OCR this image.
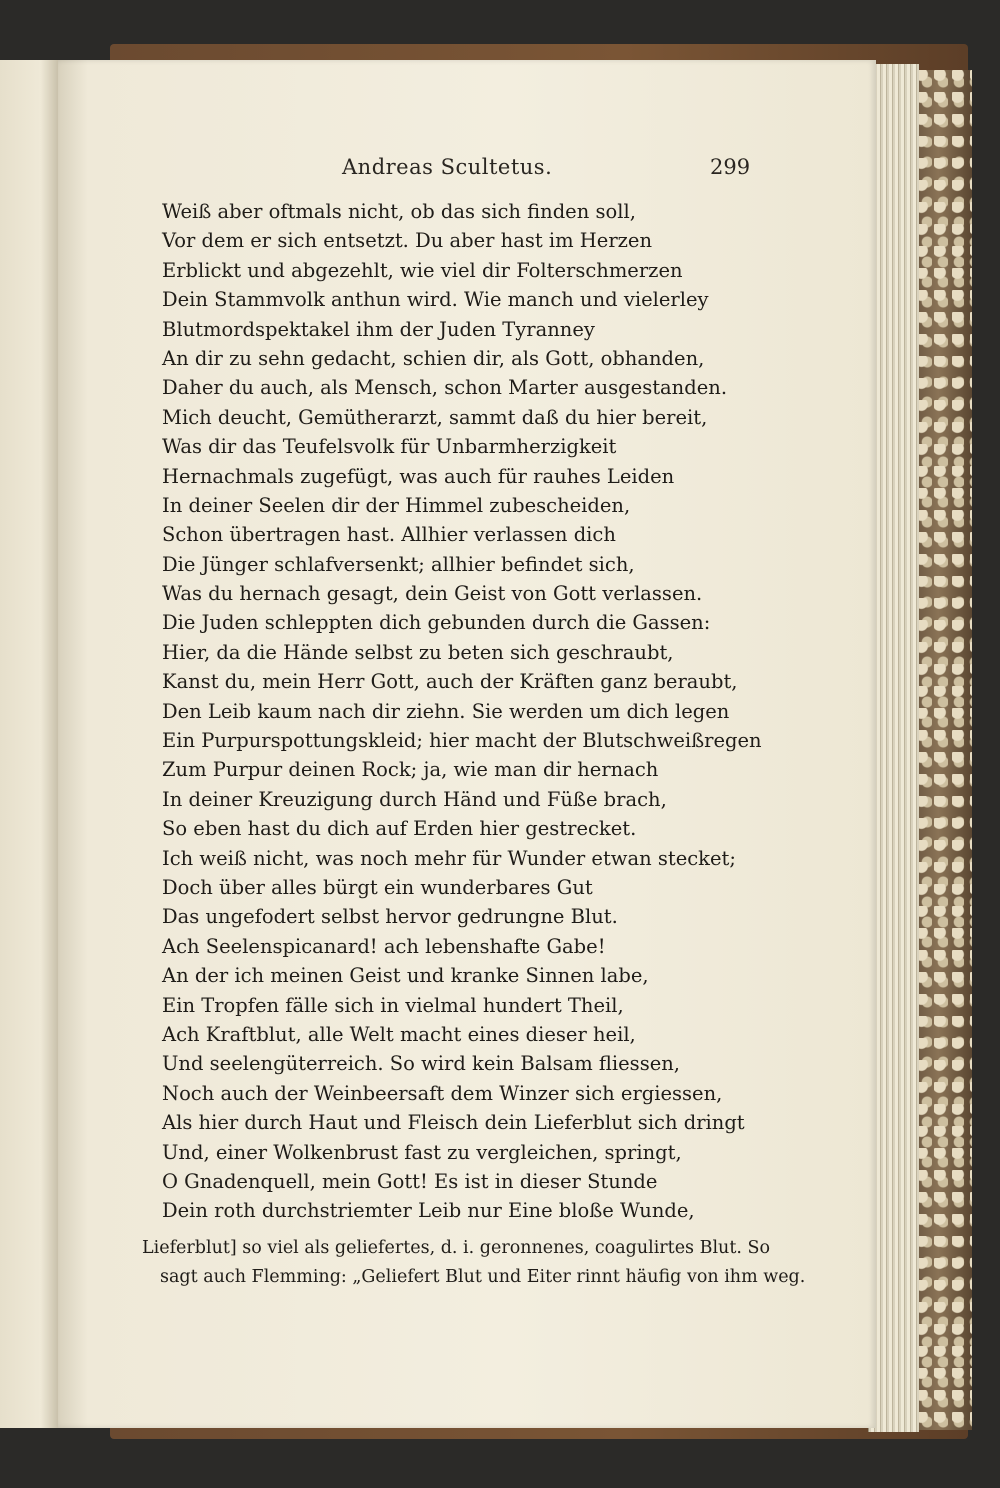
Andreas Scultetus.	299
Weiß aber oftmals nicht, ob das sich finden soll,
Vor dem er sich entsetzt. Du aber hast im Herzen
Erblickt und abgezehlt, wie viel dir Folterschmerzen
Dein Stammvolk anthun wird. Wie manch und vielerley
Blutmordspektakel ihm der Juden Tyranney
An dir zu sehn gedacht, schien dir, als Gott, obhanden,
Daher du auch, als Mensch, schon Marter ausgestanden.
Mich deucht, Gemütherarzt, sammt daß du hier bereit,
Was dir das Teufelsvolk für Unbarmherzigkeit
Hernachmals zugefügt, was auch für rauhes Leiden
In deiner Seelen dir der Himmel zubescheiden,
Schon übertragen hast. Allhier verlassen dich
Die Jünger schlafversenkt; allhier befindet sich,
Was du hernach gesagt, dein Geist von Gott verlassen.
Die Juden schleppten dich gebunden durch die Gassen:
Hier, da die Hände selbst zu beten sich geschraubt,
Kanst du, mein Herr Gott, auch der Kräften ganz beraubt,
Den Leib kaum nach dir ziehn. Sie werden um dich legen
Ein Purpurspottungskleid; hier macht der Blutschweißregen
Zum Purpur deinen Rock; ja, wie man dir hernach
In deiner Kreuzigung durch Händ und Füße brach,
So eben hast du dich auf Erden hier gestrecket.
Ich weiß nicht, was noch mehr für Wunder etwan stecket;
Doch über alles bürgt ein wunderbares Gut
Das ungefodert selbst hervor gedrungne Blut.
Ach Seelenspicanard! ach lebenshafte Gabe!
An der ich meinen Geist und kranke Sinnen labe,
Ein Tropfen fälle sich in vielmal hundert Theil,
Ach Kraftblut, alle Welt macht eines dieser heil,
Und seelengüterreich. So wird kein Balsam fliessen,
Noch auch der Weinbeersaft dem Winzer sich ergiessen,
Als hier durch Haut und Fleisch dein Lieferblut sich dringt
Und, einer Wolkenbrust fast zu vergleichen, springt,
O Gnadenquell, mein Gott! Es ist in dieser Stunde
Dein roth durchstriemter Leib nur Eine bloße Wunde,
Lieferblut] so viel als geliefertes, d. i. geronnenes, coagulirtes Blut. So
sagt auch Flemming: „Geliefert Blut und Eiter rinnt häufig von ihm weg.
